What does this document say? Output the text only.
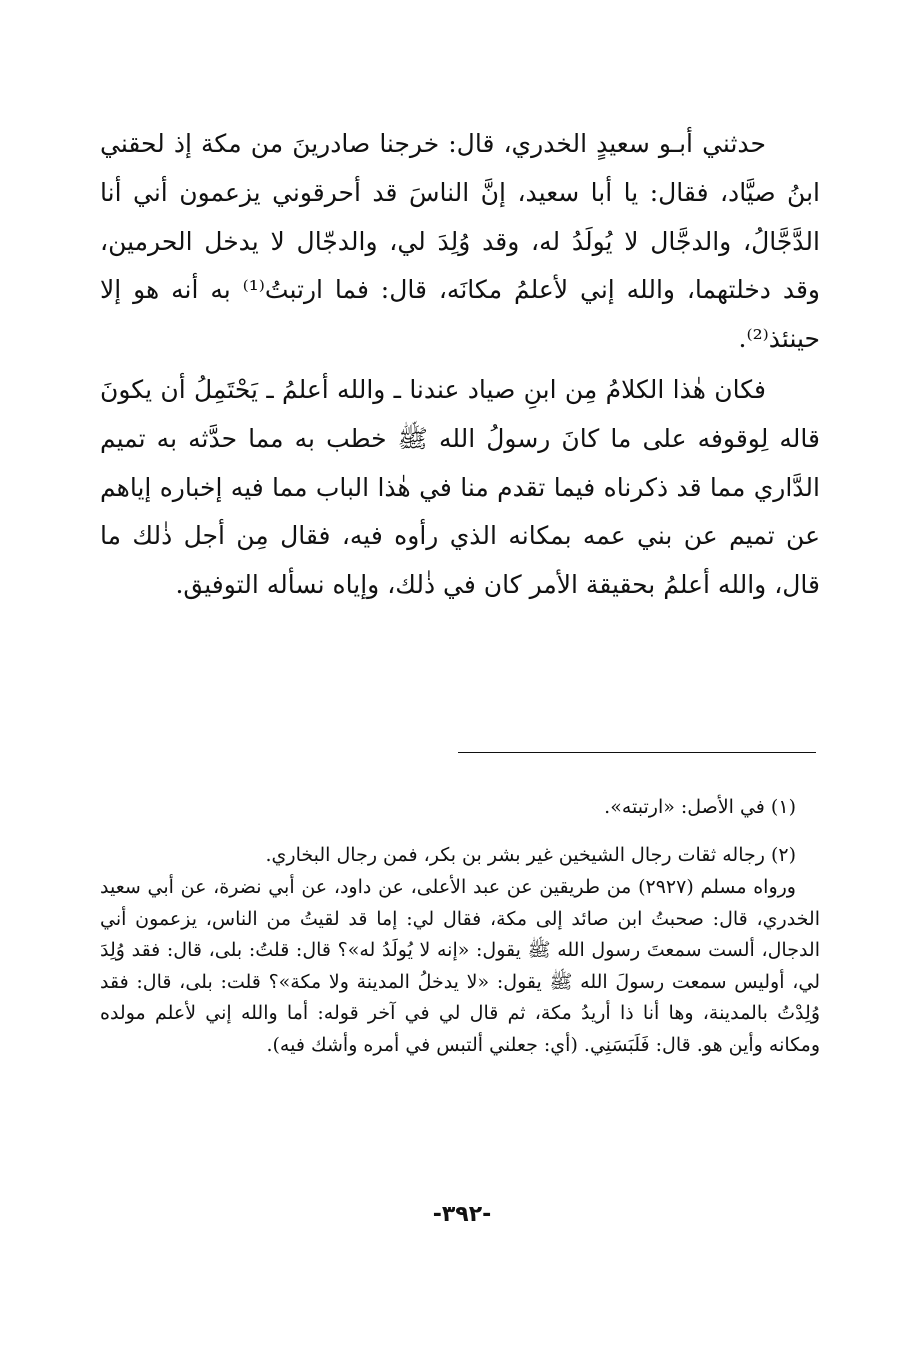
حدثني أبـو سعيدٍ الخدري، قال: خرجنا صادرينَ من مكة إذ لحقني ابنُ صيَّاد، فقال: يا أبا سعيد، إنَّ الناسَ قد أحرقوني يزعمون أني أنا الدَّجَّالُ، والدجَّال لا يُولَدُ له، وقد وُلِدَ لي، والدجّال لا يدخل الحرمين، وقد دخلتهما، والله إني لأعلمُ مكانَه، قال: فما ارتبتُ⁽¹⁾ به أنه هو إلا حينئذ⁽²⁾.

فكان هٰذا الكلامُ مِن ابنِ صياد عندنا ـ والله أعلمُ ـ يَحْتَمِلُ أن يكونَ قاله لِوقوفه على ما كانَ رسولُ الله ﷺ خطب به مما حدَّثه به تميم الدَّاري مما قد ذكرناه فيما تقدم منا في هٰذا الباب مما فيه إخباره إياهم عن تميم عن بني عمه بمكانه الذي رأوه فيه، فقال مِن أجل ذٰلك ما قال، والله أعلمُ بحقيقة الأمر كان في ذٰلك، وإياه نسأله التوفيق.

(١) في الأصل: «ارتبته».

(٢) رجاله ثقات رجال الشيخين غير بشر بن بكر، فمن رجال البخاري.

ورواه مسلم (٢٩٢٧) من طريقين عن عبد الأعلى، عن داود، عن أبي نضرة، عن أبي سعيد الخدري، قال: صحبتُ ابن صائد إلى مكة، فقال لي: إما قد لقيتُ من الناس، يزعمون أني الدجال، ألست سمعتَ رسول الله ﷺ يقول: «إنه لا يُولَدُ له»؟ قال: قلتُ: بلى، قال: فقد وُلِدَ لي، أوليس سمعت رسولَ الله ﷺ يقول: «لا يدخلُ المدينة ولا مكة»؟ قلت: بلى، قال: فقد وُلِدْتُ بالمدينة، وها أنا ذا أريدُ مكة، ثم قال لي في آخر قوله: أما والله إني لأعلم مولده ومكانه وأين هو. قال: فَلَبَسَنِي. (أي: جعلني ألتبس في أمره وأشك فيه).

-٣٩٢-
